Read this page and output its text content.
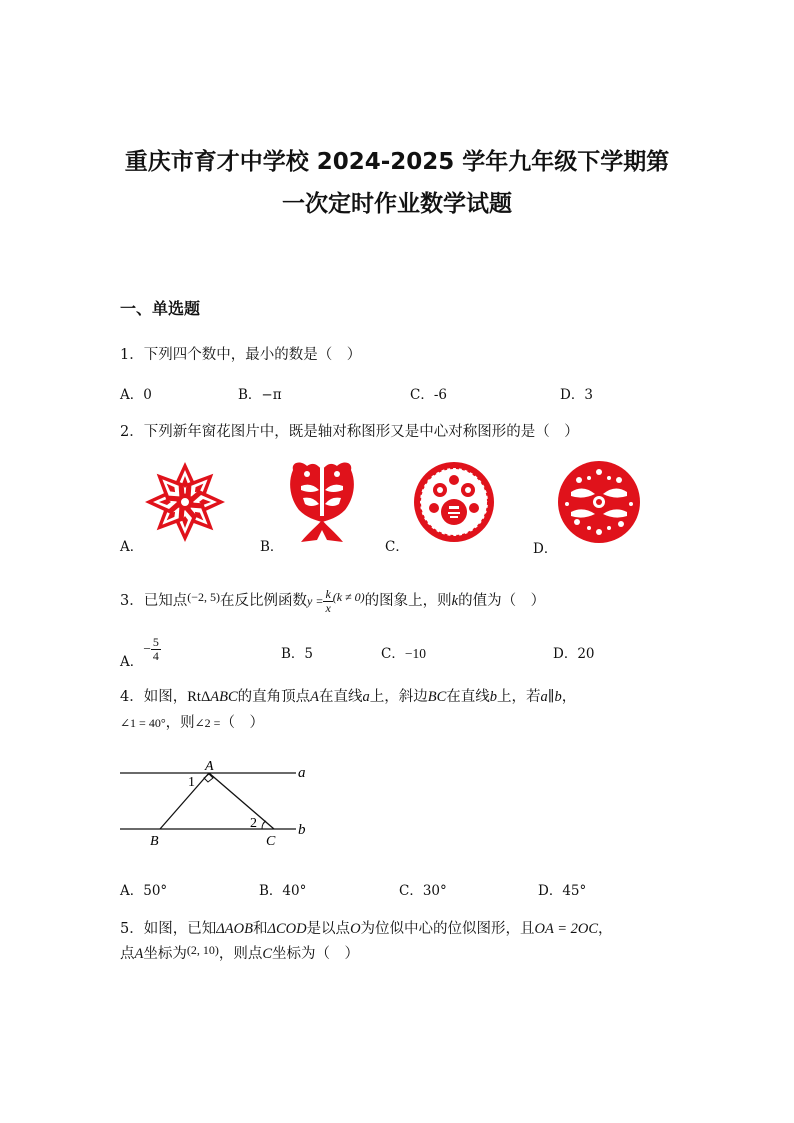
重庆市育才中学校 2024-2025 学年九年级下学期第
一次定时作业数学试题
一、单选题
1．下列四个数中，最小的数是（　）
A．0	B．−π	C．-6	D．3
2．下列新年窗花图片中，既是轴对称图形又是中心对称图形的是（　）
A．	B．	C．	D．
3．已知点$^{(-2, 5)}$在反比例函数$y = \frac{k}{x} ^{(k \ne 0)}$的图象上，则k的值为（　）
A．− $\frac{5}{4}$	B．5	C．−10	D．20
4．如图，RtΔABC的直角顶点A在直线a上，斜边BC在直线b上，若a∥b，
∠1 = 40°，则∠2 =（　）
A
1
a
2	b
B	C
A．50°	B．40°	C．30°	D．45°
5．如图，已知ΔAOB和ΔCOD是以点O为位似中心的位似图形，且OA = 2OC，
点A坐标为$^{(2, 10)}$，则点C坐标为（　）
